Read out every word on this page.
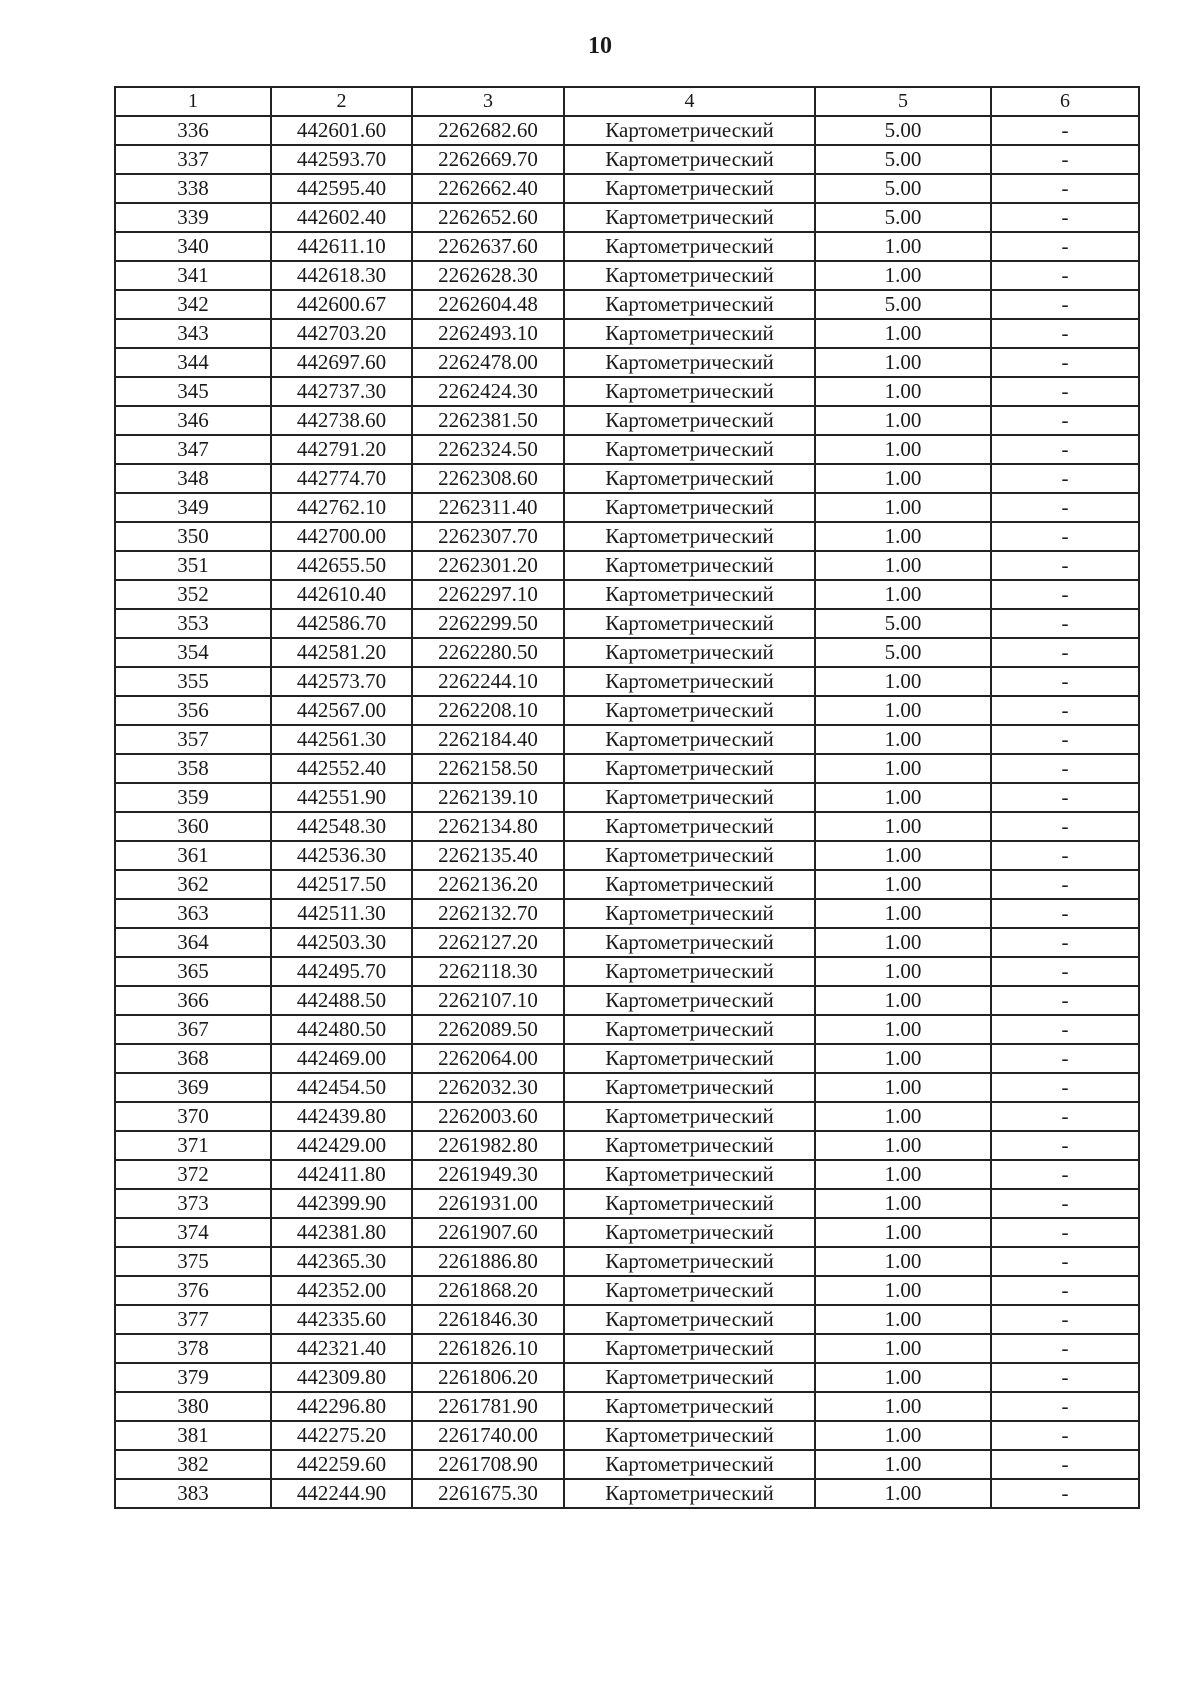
10
1	2	3	4	5	6
336	442601.60	2262682.60	Картометрический	5.00	-
337	442593.70	2262669.70	Картометрический	5.00	-
338	442595.40	2262662.40	Картометрический	5.00	-
339	442602.40	2262652.60	Картометрический	5.00	-
340	442611.10	2262637.60	Картометрический	1.00	-
341	442618.30	2262628.30	Картометрический	1.00	-
342	442600.67	2262604.48	Картометрический	5.00	-
343	442703.20	2262493.10	Картометрический	1.00	-
344	442697.60	2262478.00	Картометрический	1.00	-
345	442737.30	2262424.30	Картометрический	1.00	-
346	442738.60	2262381.50	Картометрический	1.00	-
347	442791.20	2262324.50	Картометрический	1.00	-
348	442774.70	2262308.60	Картометрический	1.00	-
349	442762.10	2262311.40	Картометрический	1.00	-
350	442700.00	2262307.70	Картометрический	1.00	-
351	442655.50	2262301.20	Картометрический	1.00	-
352	442610.40	2262297.10	Картометрический	1.00	-
353	442586.70	2262299.50	Картометрический	5.00	-
354	442581.20	2262280.50	Картометрический	5.00	-
355	442573.70	2262244.10	Картометрический	1.00	-
356	442567.00	2262208.10	Картометрический	1.00	-
357	442561.30	2262184.40	Картометрический	1.00	-
358	442552.40	2262158.50	Картометрический	1.00	-
359	442551.90	2262139.10	Картометрический	1.00	-
360	442548.30	2262134.80	Картометрический	1.00	-
361	442536.30	2262135.40	Картометрический	1.00	-
362	442517.50	2262136.20	Картометрический	1.00	-
363	442511.30	2262132.70	Картометрический	1.00	-
364	442503.30	2262127.20	Картометрический	1.00	-
365	442495.70	2262118.30	Картометрический	1.00	-
366	442488.50	2262107.10	Картометрический	1.00	-
367	442480.50	2262089.50	Картометрический	1.00	-
368	442469.00	2262064.00	Картометрический	1.00	-
369	442454.50	2262032.30	Картометрический	1.00	-
370	442439.80	2262003.60	Картометрический	1.00	-
371	442429.00	2261982.80	Картометрический	1.00	-
372	442411.80	2261949.30	Картометрический	1.00	-
373	442399.90	2261931.00	Картометрический	1.00	-
374	442381.80	2261907.60	Картометрический	1.00	-
375	442365.30	2261886.80	Картометрический	1.00	-
376	442352.00	2261868.20	Картометрический	1.00	-
377	442335.60	2261846.30	Картометрический	1.00	-
378	442321.40	2261826.10	Картометрический	1.00	-
379	442309.80	2261806.20	Картометрический	1.00	-
380	442296.80	2261781.90	Картометрический	1.00	-
381	442275.20	2261740.00	Картометрический	1.00	-
382	442259.60	2261708.90	Картометрический	1.00	-
383	442244.90	2261675.30	Картометрический	1.00	-
